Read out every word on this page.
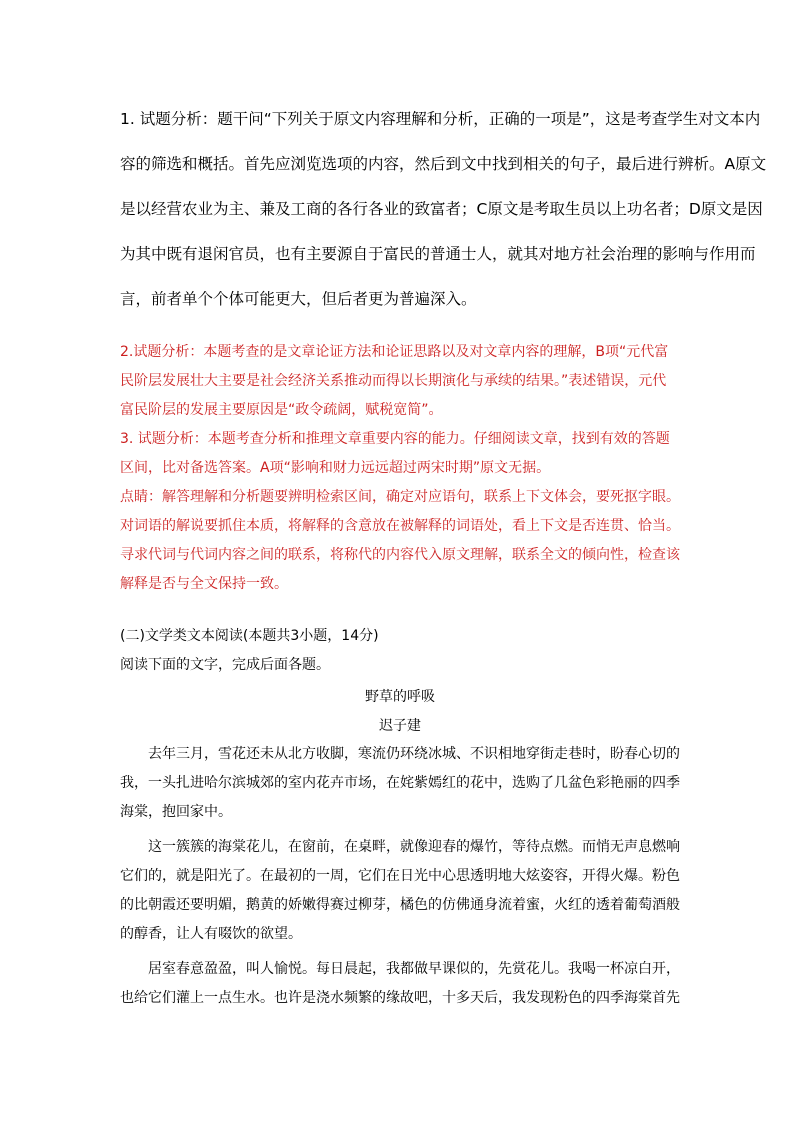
1. 试题分析：题干问“下列关于原文内容理解和分析，正确的一项是”，这是考查学生对文本内容的筛选和概括。首先应浏览选项的内容，然后到文中找到相关的句子，最后进行辨析。A原文是以经营农业为主、兼及工商的各行各业的致富者；C原文是考取生员以上功名者；D原文是因为其中既有退闲官员，也有主要源自于富民的普通士人，就其对地方社会治理的影响与作用而言，前者单个个体可能更大，但后者更为普遍深入。

2.试题分析：本题考查的是文章论证方法和论证思路以及对文章内容的理解，B项“元代富民阶层发展壮大主要是社会经济关系推动而得以长期演化与承续的结果。”表述错误，元代富民阶层的发展主要原因是“政令疏阔，赋税宽简”。

3. 试题分析：本题考查分析和推理文章重要内容的能力。仔细阅读文章，找到有效的答题区间，比对备选答案。A项“影响和财力远远超过两宋时期”原文无据。

点睛：解答理解和分析题要辨明检索区间，确定对应语句，联系上下文体会，要死抠字眼。对词语的解说要抓住本质，将解释的含意放在被解释的词语处，看上下文是否连贯、恰当。寻求代词与代词内容之间的联系，将称代的内容代入原文理解，联系全文的倾向性，检查该解释是否与全文保持一致。

(二)文学类文本阅读(本题共3小题，14分)
阅读下面的文字，完成后面各题。
野草的呼吸
迟子建

去年三月，雪花还未从北方收脚，寒流仍环绕冰城、不识相地穿街走巷时，盼春心切的我，一头扎进哈尔滨城郊的室内花卉市场，在姹紫嫣红的花中，选购了几盆色彩艳丽的四季海棠，抱回家中。

这一簇簇的海棠花儿，在窗前，在桌畔，就像迎春的爆竹，等待点燃。而悄无声息燃响它们的，就是阳光了。在最初的一周，它们在日光中心思透明地大炫姿容，开得火爆。粉色的比朝霞还要明媚，鹅黄的娇嫩得赛过柳芽，橘色的仿佛通身流着蜜，火红的透着葡萄酒般的醇香，让人有啜饮的欲望。

居室春意盈盈，叫人愉悦。每日晨起，我都做早课似的，先赏花儿。我喝一杯凉白开，也给它们灌上一点生水。也许是浇水频繁的缘故吧，十多天后，我发现粉色的四季海棠首先
